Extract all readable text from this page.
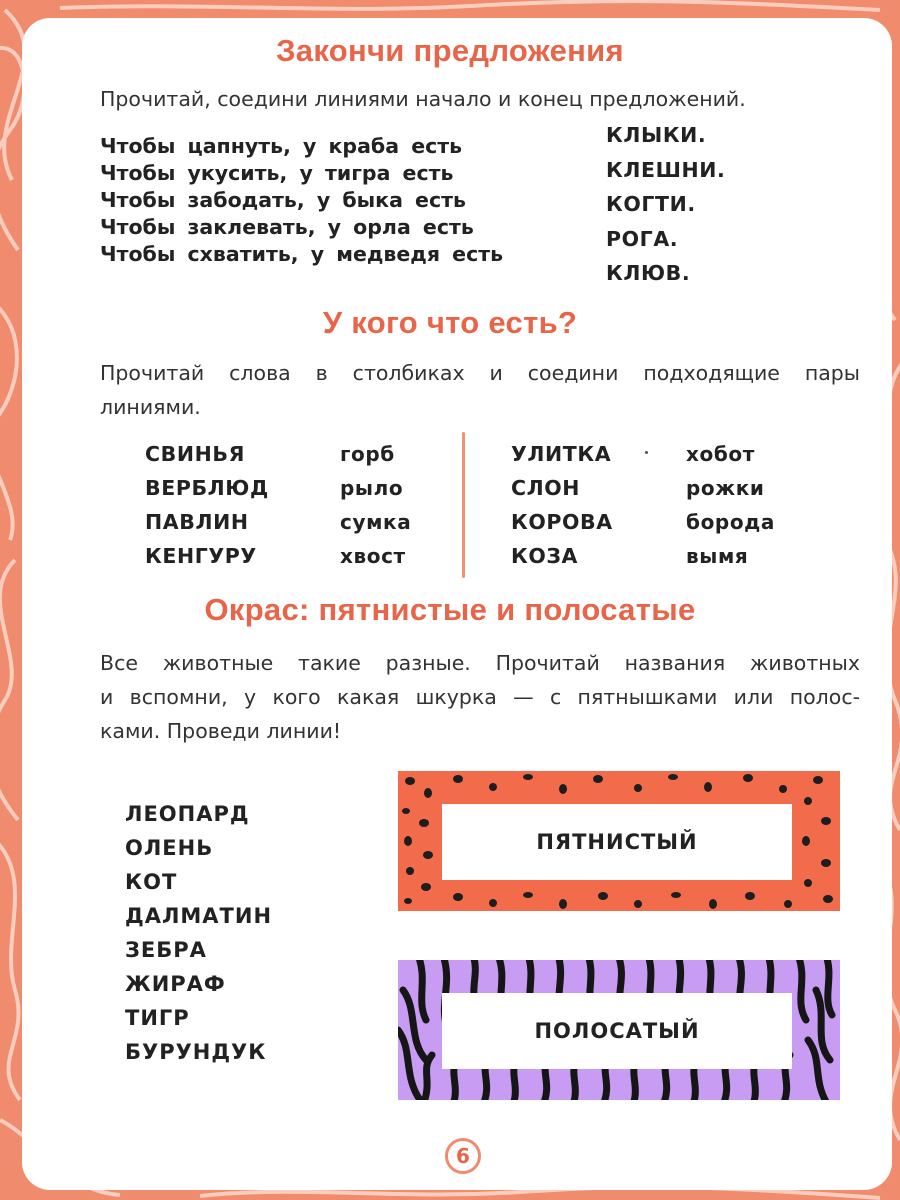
Закончи предложения
Прочитай, соедини линиями начало и конец предложений.
Чтобы цапнуть, у краба есть
Чтобы укусить, у тигра есть
Чтобы забодать, у быка есть
Чтобы заклевать, у орла есть
Чтобы схватить, у медведя есть
КЛЫКИ.
КЛЕШНИ.
КОГТИ.
РОГА.
КЛЮВ.
У кого что есть?
Прочитай слова в столбиках и соедини подходящие пары
линиями.
СВИНЬЯ
ВЕРБЛЮД
ПАВЛИН
КЕНГУРУ
горб
рыло
сумка
хвост
УЛИТКА
СЛОН
КОРОВА
КОЗА
хобот
рожки
борода
вымя
Окрас: пятнистые и полосатые
Все животные такие разные. Прочитай названия животных
и вспомни, у кого какая шкурка — с пятнышками или полос-
ками. Проведи линии!
ЛЕОПАРД
ОЛЕНЬ
КОТ
ДАЛМАТИН
ЗЕБРА
ЖИРАФ
ТИГР
БУРУНДУК
ПЯТНИСТЫЙ
ПОЛОСАТЫЙ
6
